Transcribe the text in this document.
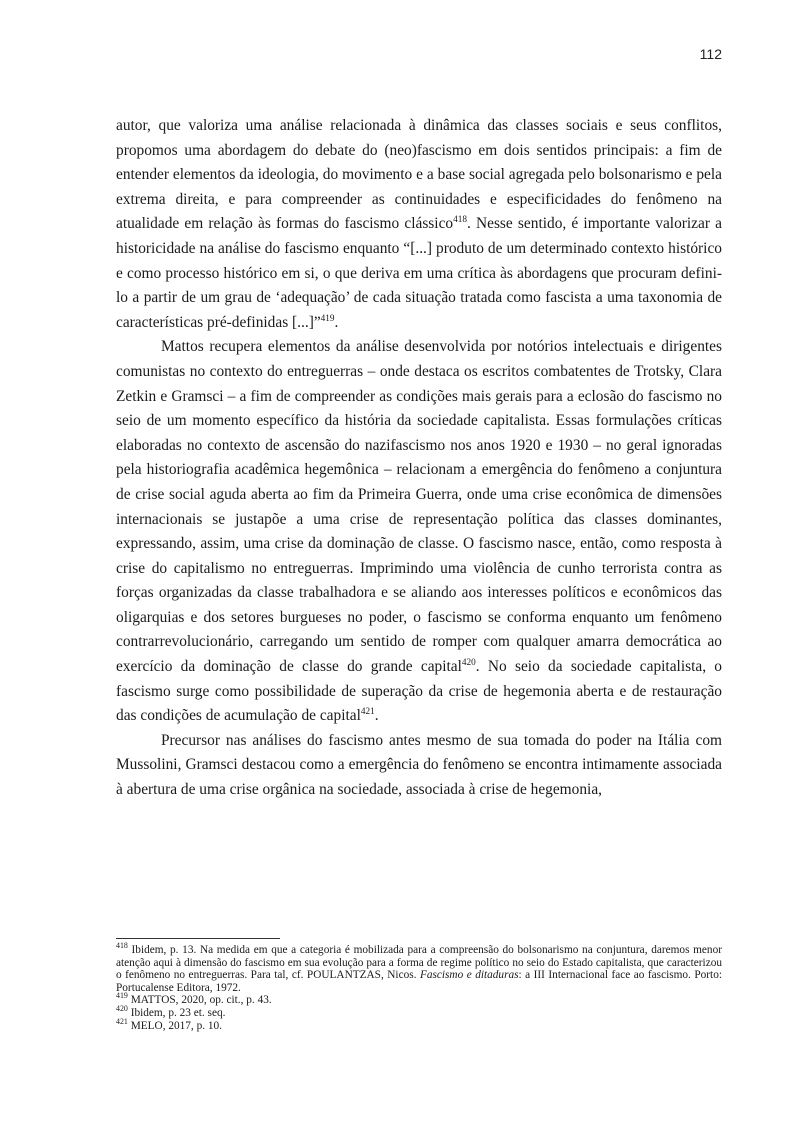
112

autor, que valoriza uma análise relacionada à dinâmica das classes sociais e seus conflitos, propomos uma abordagem do debate do (neo)fascismo em dois sentidos principais: a fim de entender elementos da ideologia, do movimento e a base social agregada pelo bolsonarismo e pela extrema direita, e para compreender as continuidades e especificidades do fenômeno na atualidade em relação às formas do fascismo clássico$^{418}$. Nesse sentido, é importante valorizar a historicidade na análise do fascismo enquanto “[...] produto de um determinado contexto histórico e como processo histórico em si, o que deriva em uma crítica às abordagens que procuram defini-lo a partir de um grau de ‘adequação’ de cada situação tratada como fascista a uma taxonomia de características pré-definidas [...]”$^{419}$.

Mattos recupera elementos da análise desenvolvida por notórios intelectuais e dirigentes comunistas no contexto do entreguerras – onde destaca os escritos combatentes de Trotsky, Clara Zetkin e Gramsci – a fim de compreender as condições mais gerais para a eclosão do fascismo no seio de um momento específico da história da sociedade capitalista. Essas formulações críticas elaboradas no contexto de ascensão do nazifascismo nos anos 1920 e 1930 – no geral ignoradas pela historiografia acadêmica hegemônica – relacionam a emergência do fenômeno a conjuntura de crise social aguda aberta ao fim da Primeira Guerra, onde uma crise econômica de dimensões internacionais se justapõe a uma crise de representação política das classes dominantes, expressando, assim, uma crise da dominação de classe. O fascismo nasce, então, como resposta à crise do capitalismo no entreguerras. Imprimindo uma violência de cunho terrorista contra as forças organizadas da classe trabalhadora e se aliando aos interesses políticos e econômicos das oligarquias e dos setores burgueses no poder, o fascismo se conforma enquanto um fenômeno contrarrevolucionário, carregando um sentido de romper com qualquer amarra democrática ao exercício da dominação de classe do grande capital$^{420}$. No seio da sociedade capitalista, o fascismo surge como possibilidade de superação da crise de hegemonia aberta e de restauração das condições de acumulação de capital$^{421}$.

Precursor nas análises do fascismo antes mesmo de sua tomada do poder na Itália com Mussolini, Gramsci destacou como a emergência do fenômeno se encontra intimamente associada à abertura de uma crise orgânica na sociedade, associada à crise de hegemonia,

$^{418}$ Ibidem, p. 13. Na medida em que a categoria é mobilizada para a compreensão do bolsonarismo na conjuntura, daremos menor atenção aqui à dimensão do fascismo em sua evolução para a forma de regime político no seio do Estado capitalista, que caracterizou o fenômeno no entreguerras. Para tal, cf. POULANTZAS, Nicos. Fascismo e ditaduras: a III Internacional face ao fascismo. Porto: Portucalense Editora, 1972.

$^{419}$ MATTOS, 2020, op. cit., p. 43.

$^{420}$ Ibidem, p. 23 et. seq.

$^{421}$ MELO, 2017, p. 10.
